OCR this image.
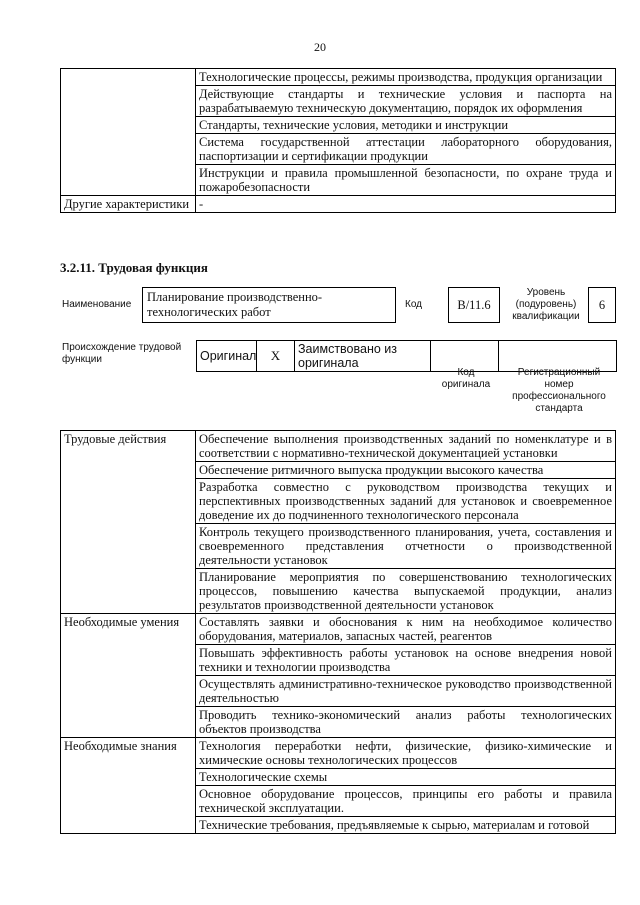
20
	Технологические процессы, режимы производства, продукция организации
	Действующие стандарты и технические условия и паспорта на разрабатываемую техническую документацию, порядок их оформления
	Стандарты, технические условия, методики и инструкции
	Система государственной аттестации лабораторного оборудования, паспортизации и сертификации продукции
	Инструкции и правила промышленной безопасности, по охране труда и пожаробезопасности
Другие характеристики	-
3.2.11. Трудовая функция
Наименование
Планирование производственно-технологических работ
Код	B/11.6
Уровень (подуровень) квалификации
6
Происхождение трудовой функции	Оригинал	X	Заимствовано из оригинала		
Код оригинала
Регистрационный номер профессионального стандарта
Трудовые действия	Обеспечение выполнения производственных заданий по номенклатуре и в соответствии с нормативно-технической документацией установки
	Обеспечение ритмичного выпуска продукции высокого качества
	Разработка совместно с руководством производства текущих и перспективных производственных заданий для установок и своевременное доведение их до подчиненного технологического персонала
	Контроль текущего производственного планирования, учета, составления и своевременного представления отчетности о производственной деятельности установок
	Планирование мероприятия по совершенствованию технологических процессов, повышению качества выпускаемой продукции, анализ результатов производственной деятельности установок
Необходимые умения	Составлять заявки и обоснования к ним на необходимое количество оборудования, материалов, запасных частей, реагентов
	Повышать эффективность работы установок на основе внедрения новой техники и технологии производства
	Осуществлять административно-техническое руководство производственной деятельностью
	Проводить технико-экономический анализ работы технологических объектов производства
Необходимые знания	Технология переработки нефти, физические, физико-химические и химические основы технологических процессов
	Технологические схемы
	Основное оборудование процессов, принципы его работы и правила технической эксплуатации.
	Технические требования, предъявляемые к сырью, материалам и готовой
